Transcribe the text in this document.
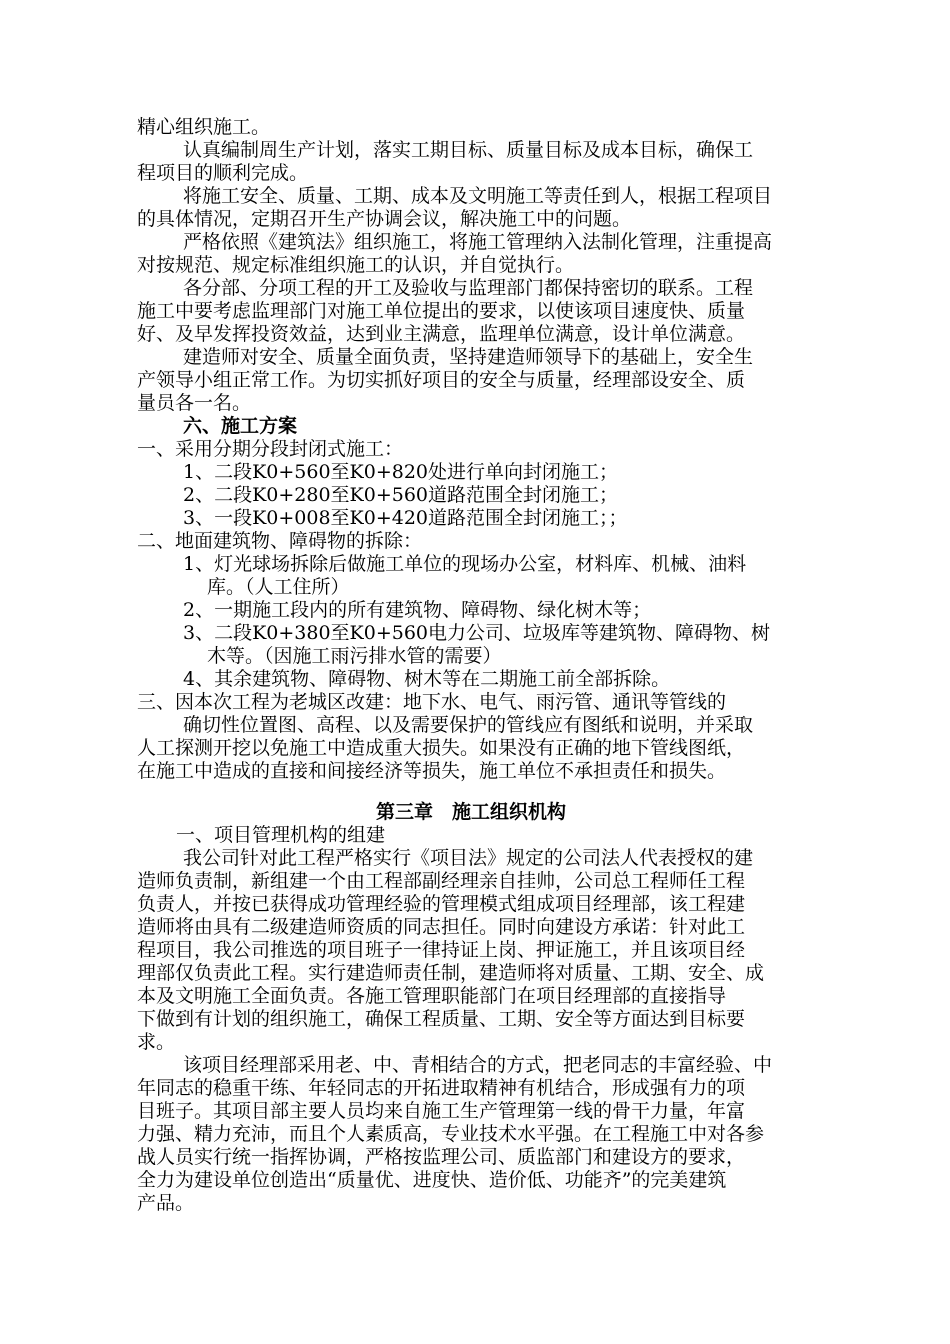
精心组织施工。
认真编制周生产计划，落实工期目标、质量目标及成本目标，确保工
程项目的顺利完成。
将施工安全、质量、工期、成本及文明施工等责任到人，根据工程项目
的具体情况，定期召开生产协调会议，解决施工中的问题。
严格依照《建筑法》组织施工，将施工管理纳入法制化管理，注重提高
对按规范、规定标准组织施工的认识，并自觉执行。
各分部、分项工程的开工及验收与监理部门都保持密切的联系。工程
施工中要考虑监理部门对施工单位提出的要求，以使该项目速度快、质量
好、及早发挥投资效益，达到业主满意，监理单位满意，设计单位满意。
建造师对安全、质量全面负责，坚持建造师领导下的基础上，安全生
产领导小组正常工作。为切实抓好项目的安全与质量，经理部设安全、质
量员各一名。
六、施工方案
一、采用分期分段封闭式施工：
1、二段K0+560至K0+820处进行单向封闭施工；
2、二段K0+280至K0+560道路范围全封闭施工；
3、一段K0+008至K0+420道路范围全封闭施工；；
二、地面建筑物、障碍物的拆除：
1、灯光球场拆除后做施工单位的现场办公室，材料库、机械、油料
库。（人工住所）
2、一期施工段内的所有建筑物、障碍物、绿化树木等；
3、二段K0+380至K0+560电力公司、垃圾库等建筑物、障碍物、树
木等。（因施工雨污排水管的需要）
4、其余建筑物、障碍物、树木等在二期施工前全部拆除。
三、因本次工程为老城区改建：地下水、电气、雨污管、通讯等管线的
确切性位置图、高程、以及需要保护的管线应有图纸和说明，并采取
人工探测开挖以免施工中造成重大损失。如果没有正确的地下管线图纸，
在施工中造成的直接和间接经济等损失，施工单位不承担责任和损失。
第三章　施工组织机构
一、项目管理机构的组建
我公司针对此工程严格实行《项目法》规定的公司法人代表授权的建
造师负责制，新组建一个由工程部副经理亲自挂帅，公司总工程师任工程
负责人，并按已获得成功管理经验的管理模式组成项目经理部，该工程建
造师将由具有二级建造师资质的同志担任。同时向建设方承诺：针对此工
程项目，我公司推选的项目班子一律持证上岗、押证施工，并且该项目经
理部仅负责此工程。实行建造师责任制，建造师将对质量、工期、安全、成
本及文明施工全面负责。各施工管理职能部门在项目经理部的直接指导
下做到有计划的组织施工，确保工程质量、工期、安全等方面达到目标要
求。
该项目经理部采用老、中、青相结合的方式，把老同志的丰富经验、中
年同志的稳重干练、年轻同志的开拓进取精神有机结合，形成强有力的项
目班子。其项目部主要人员均来自施工生产管理第一线的骨干力量，年富
力强、精力充沛，而且个人素质高，专业技术水平强。在工程施工中对各参
战人员实行统一指挥协调，严格按监理公司、质监部门和建设方的要求，
全力为建设单位创造出“质量优、进度快、造价低、功能齐”的完美建筑
产品。
